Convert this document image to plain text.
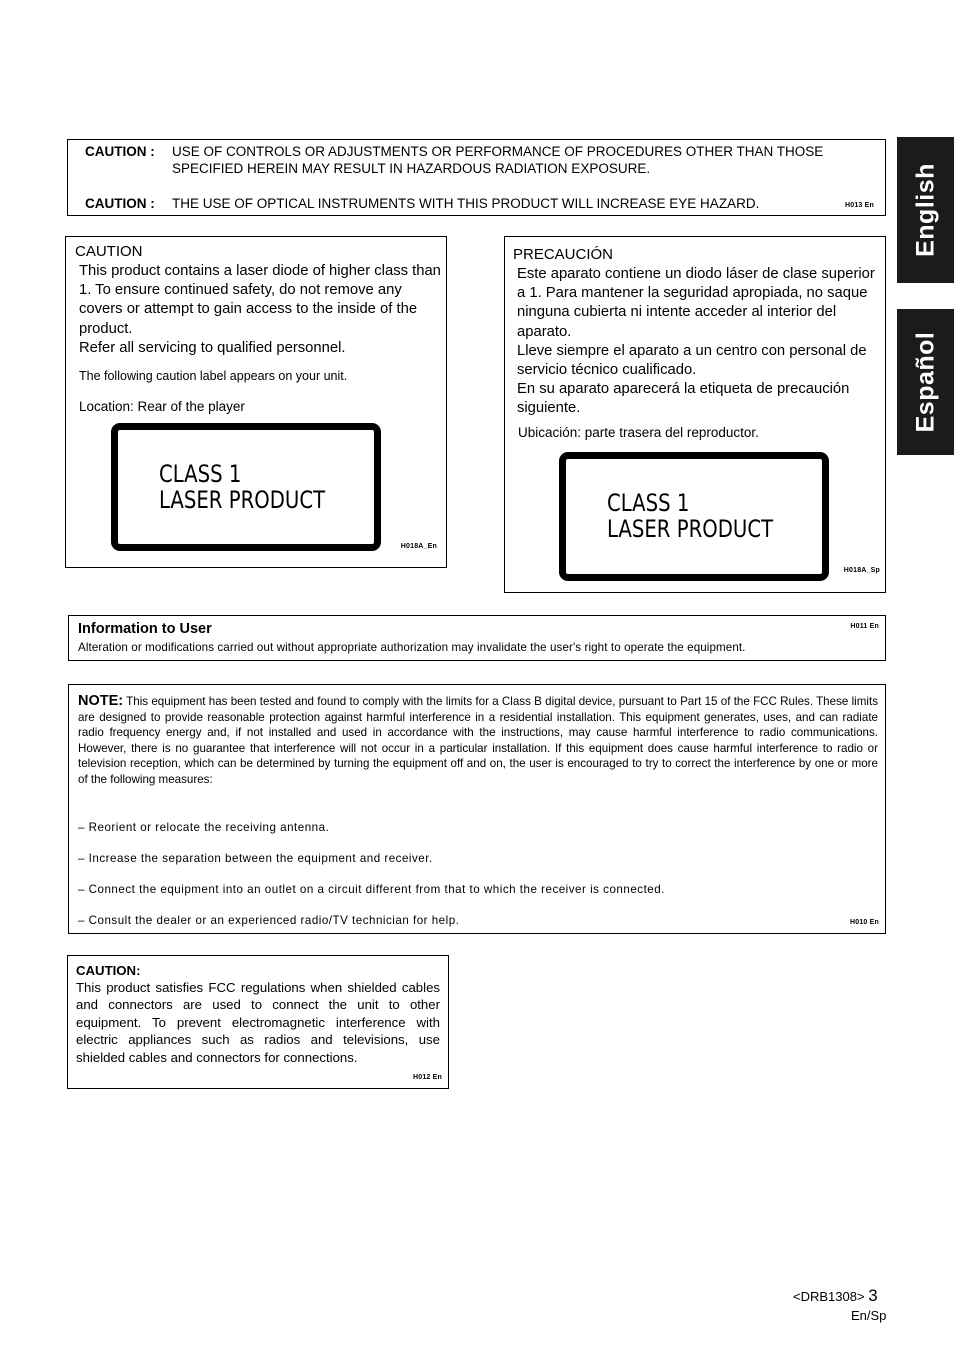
CAUTION :	USE OF CONTROLS OR ADJUSTMENTS OR PERFORMANCE OF PROCEDURES OTHER THAN THOSE SPECIFIED HEREIN MAY RESULT IN HAZARDOUS RADIATION EXPOSURE.
CAUTION :	THE USE OF OPTICAL INSTRUMENTS WITH THIS PRODUCT WILL INCREASE EYE HAZARD.	H013 En
CAUTION

This product contains a laser diode of higher class than 1. To ensure continued safety, do not remove any covers or attempt to gain access to the inside of the product.

Refer all servicing to qualified personnel.

The following caution label appears on your unit.
Location: Rear of the player
CLASS 1
LASER PRODUCT
H018A_En
PRECAUCIÓN

Este aparato contiene un diodo láser de clase superior a 1. Para mantener la seguridad apropiada, no saque ninguna cubierta ni intente acceder al interior del aparato.

Lleve siempre el aparato a un centro con personal de servicio técnico cualificado.

En su aparato aparecerá la etiqueta de precaución siguiente.

Ubicación: parte trasera del reproductor.
CLASS 1
LASER PRODUCT
H018A_Sp
Information to User
Alteration or modifications carried out without appropriate authorization may invalidate the user's right to operate the equipment.
H011 En
NOTE: This equipment has been tested and found to comply with the limits for a Class B digital device, pursuant to Part 15 of the FCC Rules. These limits are designed to provide reasonable protection against harmful interference in a residential installation. This equipment generates, uses, and can radiate radio frequency energy and, if not installed and used in accordance with the instructions, may cause harmful interference to radio communications. However, there is no guarantee that interference will not occur in a particular installation. If this equipment does cause harmful interference to radio or television reception, which can be determined by turning the equipment off and on, the user is encouraged to try to correct the interference by one or more of the following measures:
– Reorient or relocate the receiving antenna.
– Increase the separation between the equipment and receiver.
– Connect the equipment into an outlet on a circuit different from that to which the receiver is connected.
– Consult the dealer or an experienced radio/TV technician for help.	H010 En
CAUTION:
This product satisfies FCC regulations when shielded cables and connectors are used to connect the unit to other equipment. To prevent electromagnetic interference with electric appliances such as radios and televisions, use shielded cables and connectors for connections.
H012 En
English
Español
<DRB1308> 3
En/Sp
